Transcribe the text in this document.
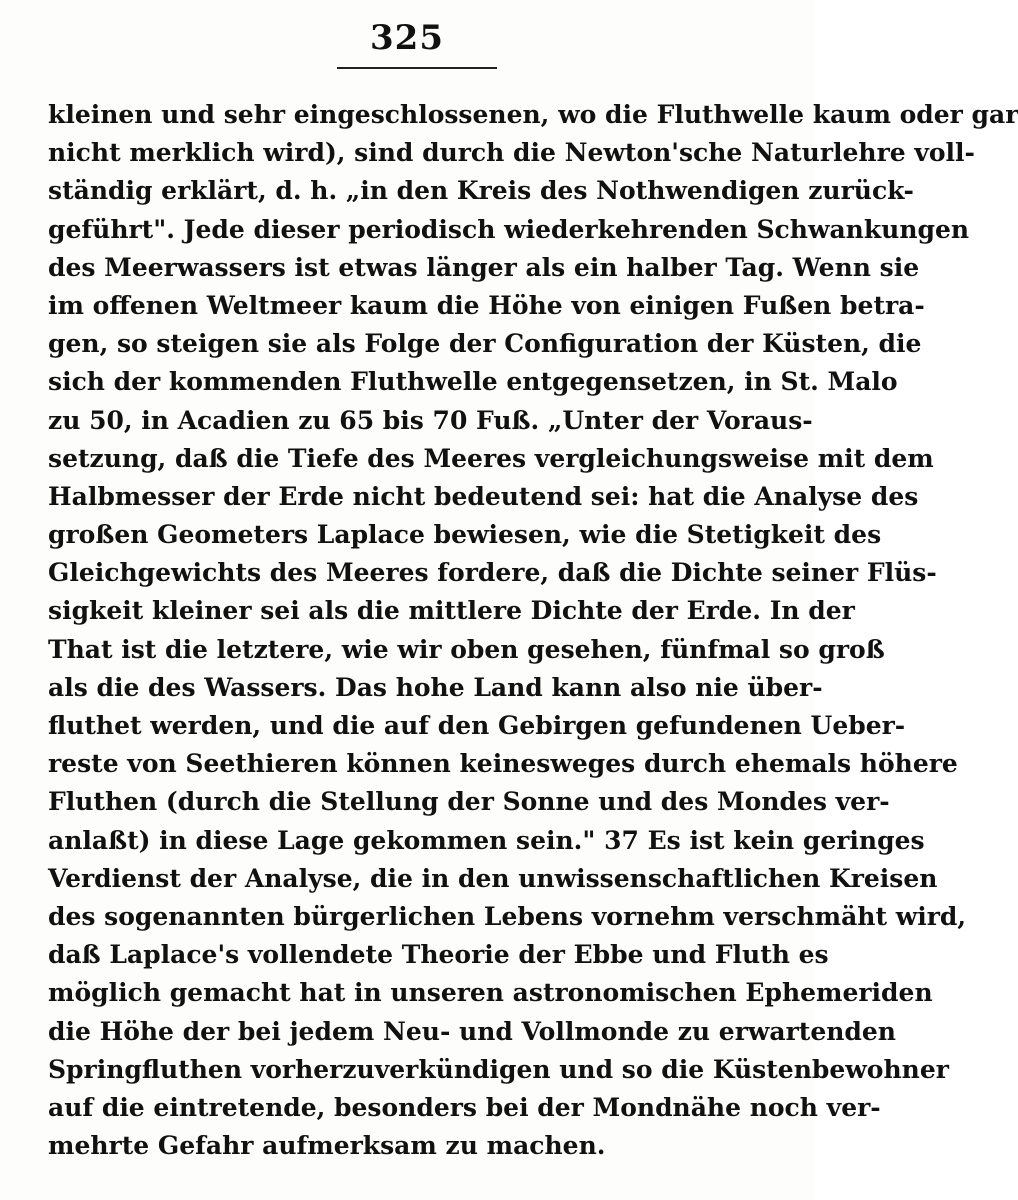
325
kleinen und sehr eingeschlossenen, wo die Fluthwelle kaum oder gar
nicht merklich wird), sind durch die Newton'sche Naturlehre voll-
ständig erklärt, d. h. „in den Kreis des Nothwendigen zurück-
geführt". Jede dieser periodisch wiederkehrenden Schwankungen
des Meerwassers ist etwas länger als ein halber Tag. Wenn sie
im offenen Weltmeer kaum die Höhe von einigen Fußen betra-
gen, so steigen sie als Folge der Configuration der Küsten, die
sich der kommenden Fluthwelle entgegensetzen, in St. Malo
zu 50, in Acadien zu 65 bis 70 Fuß. „Unter der Voraus-
setzung, daß die Tiefe des Meeres vergleichungsweise mit dem
Halbmesser der Erde nicht bedeutend sei: hat die Analyse des
großen Geometers Laplace bewiesen, wie die Stetigkeit des
Gleichgewichts des Meeres fordere, daß die Dichte seiner Flüs-
sigkeit kleiner sei als die mittlere Dichte der Erde. In der
That ist die letztere, wie wir oben gesehen, fünfmal so groß
als die des Wassers. Das hohe Land kann also nie über-
fluthet werden, und die auf den Gebirgen gefundenen Ueber-
reste von Seethieren können keinesweges durch ehemals höhere
Fluthen (durch die Stellung der Sonne und des Mondes ver-
anlaßt) in diese Lage gekommen sein." 37 Es ist kein geringes
Verdienst der Analyse, die in den unwissenschaftlichen Kreisen
des sogenannten bürgerlichen Lebens vornehm verschmäht wird,
daß Laplace's vollendete Theorie der Ebbe und Fluth es
möglich gemacht hat in unseren astronomischen Ephemeriden
die Höhe der bei jedem Neu- und Vollmonde zu erwartenden
Springfluthen vorherzuverkündigen und so die Küstenbewohner
auf die eintretende, besonders bei der Mondnähe noch ver-
mehrte Gefahr aufmerksam zu machen.
